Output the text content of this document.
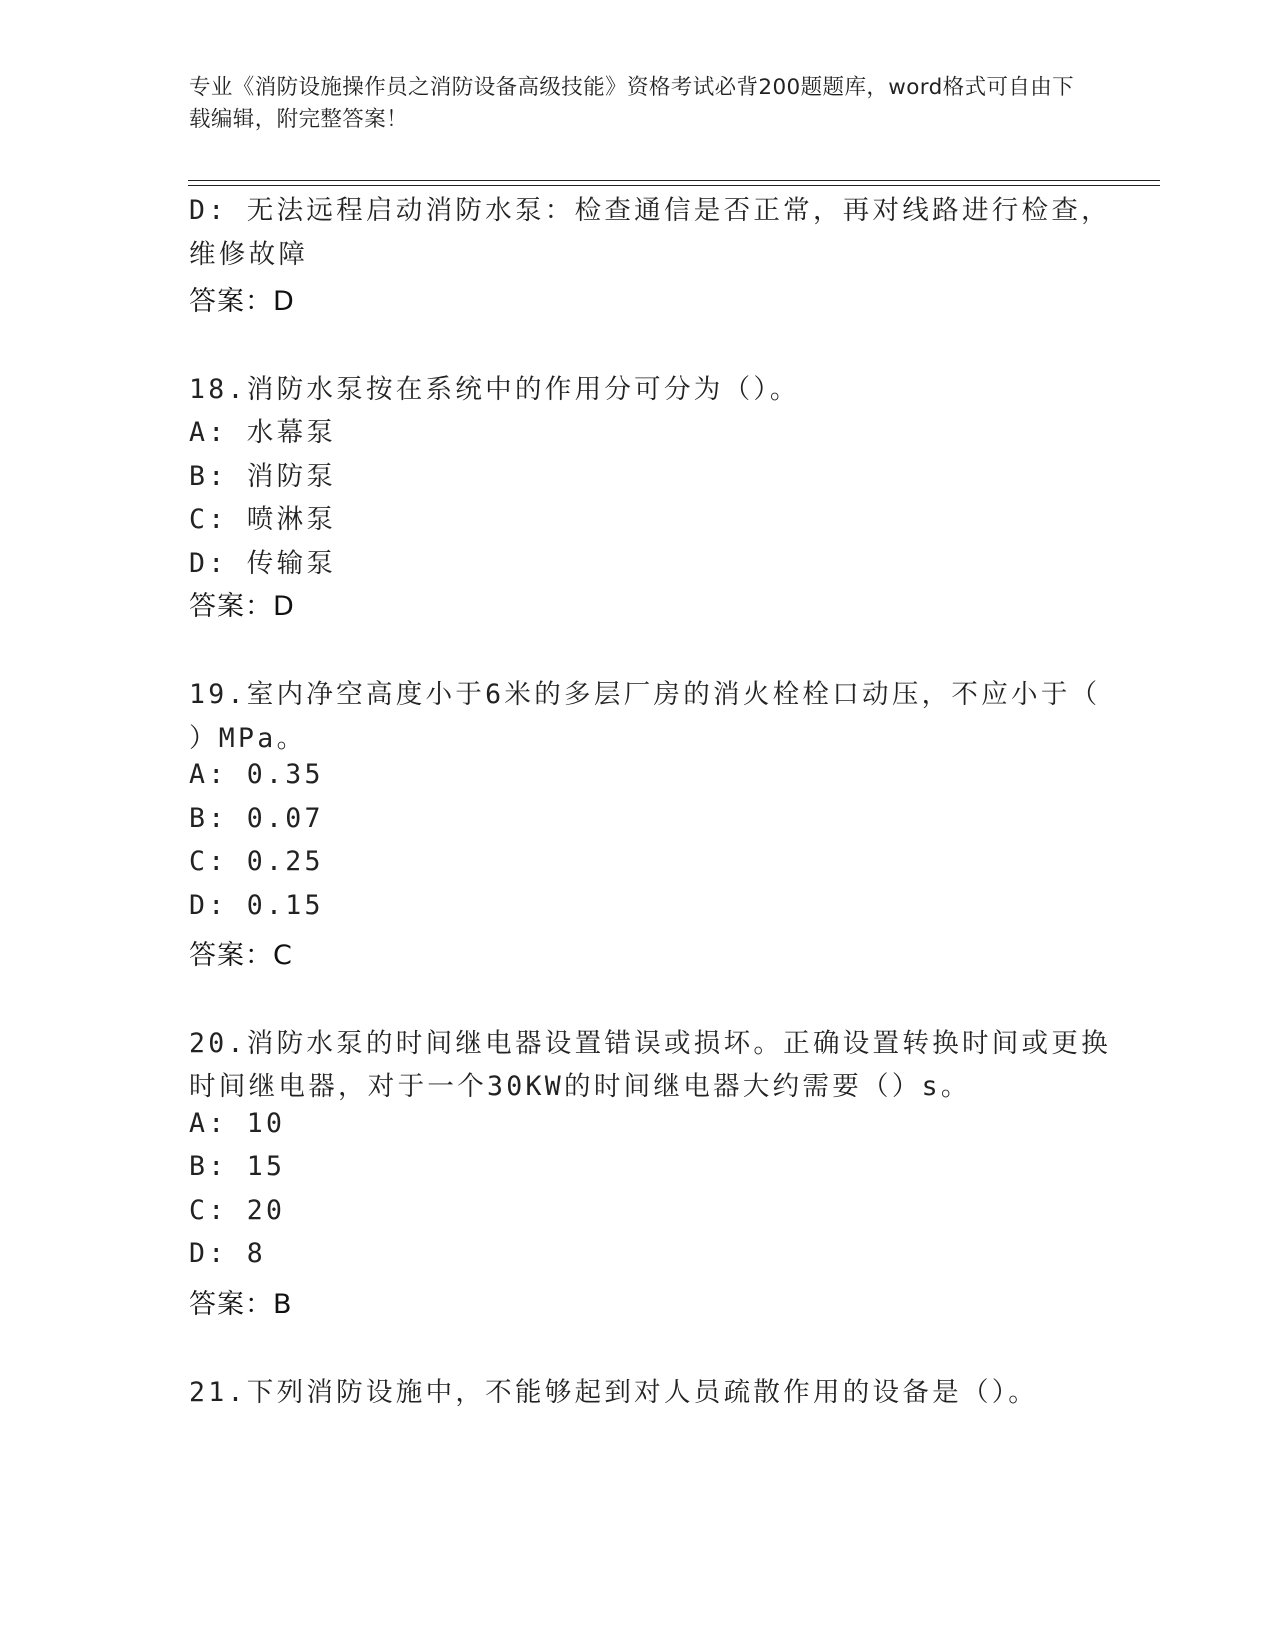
专业《消防设施操作员之消防设备高级技能》资格考试必背200题题库，word格式可自由下载编辑，附完整答案！
D: 无法远程启动消防水泵：检查通信是否正常，再对线路进行检查，
维修故障
答案：D
18.消防水泵按在系统中的作用分可分为（）。
A: 水幕泵
B: 消防泵
C: 喷淋泵
D: 传输泵
答案：D
19.室内净空高度小于6米的多层厂房的消火栓栓口动压，不应小于（
）MPa。
A: 0.35
B: 0.07
C: 0.25
D: 0.15
答案：C
20.消防水泵的时间继电器设置错误或损坏。正确设置转换时间或更换
时间继电器，对于一个30KW的时间继电器大约需要（）s。
A: 10
B: 15
C: 20
D: 8
答案：B
21.下列消防设施中，不能够起到对人员疏散作用的设备是（）。
